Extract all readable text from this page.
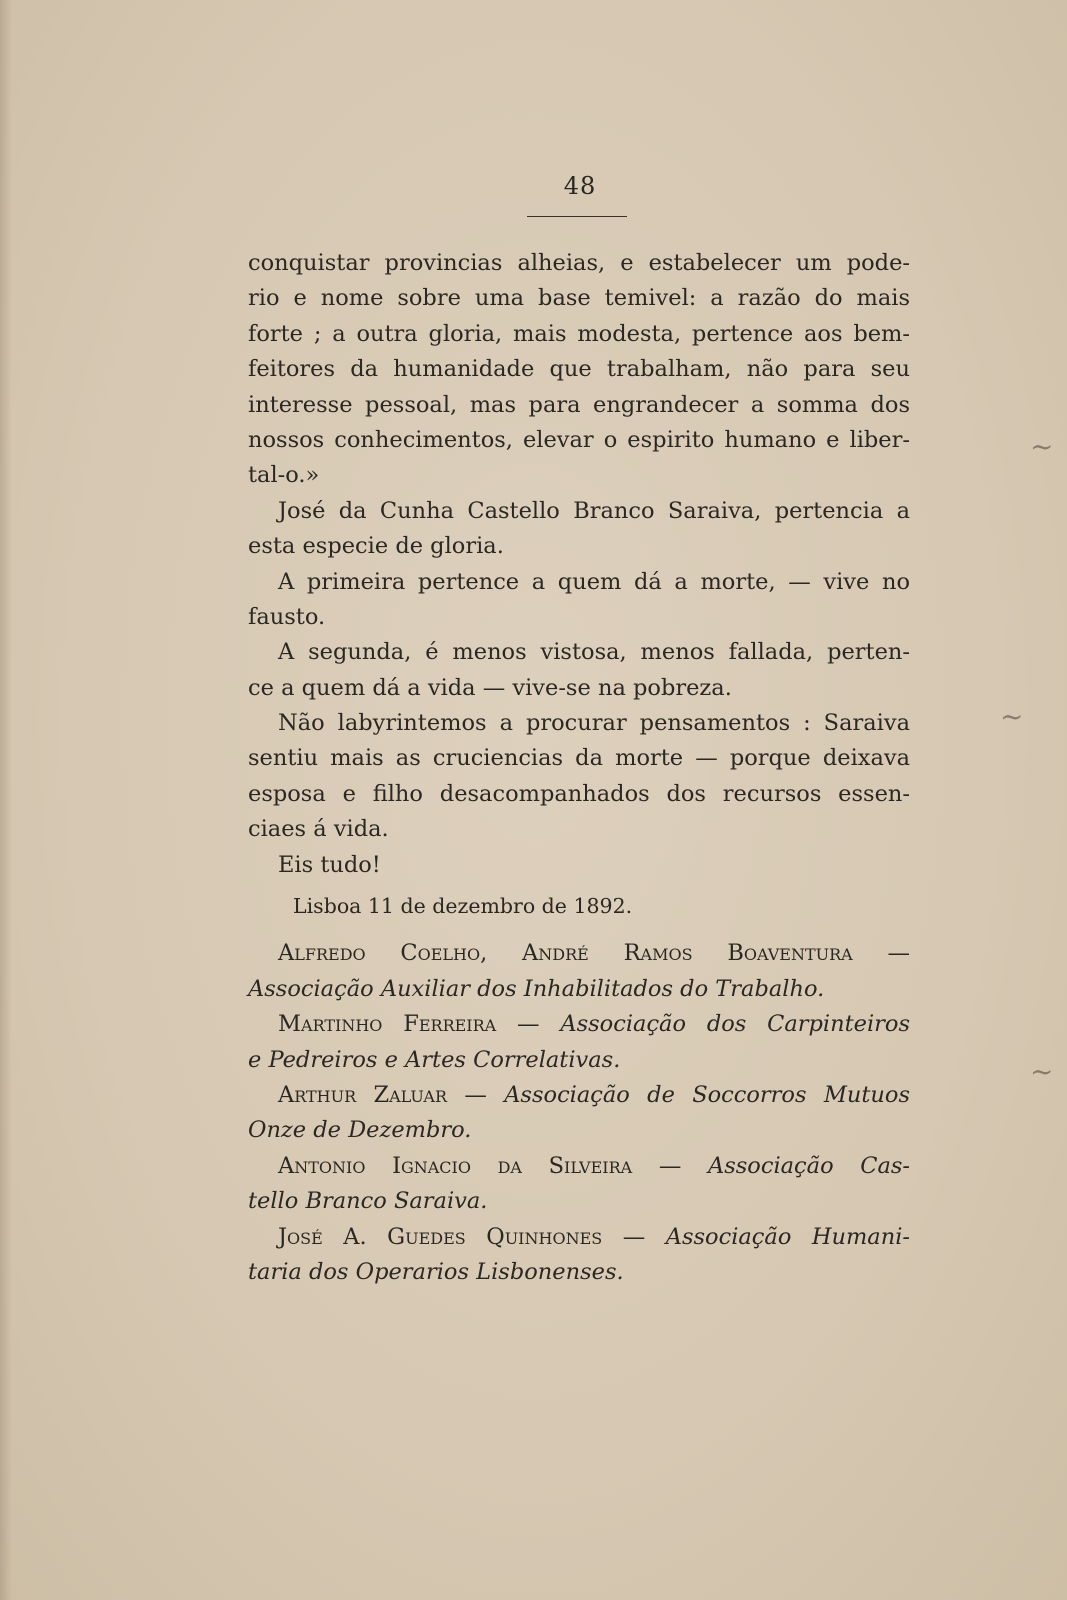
48
conquistar provincias alheias, e estabelecer um pode-
rio e nome sobre uma base temivel: a razão do mais
forte ; a outra gloria, mais modesta, pertence aos bem-
feitores da humanidade que trabalham, não para seu
interesse pessoal, mas para engrandecer a somma dos
nossos conhecimentos, elevar o espirito humano e liber-
tal-o.»
José da Cunha Castello Branco Saraiva, pertencia a
esta especie de gloria.
A primeira pertence a quem dá a morte, — vive no
fausto.
A segunda, é menos vistosa, menos fallada, perten-
ce a quem dá a vida — vive-se na pobreza.
Não labyrintemos a procurar pensamentos : Saraiva
sentiu mais as cruciencias da morte — porque deixava
esposa e filho desacompanhados dos recursos essen-
ciaes á vida.
Eis tudo!
Lisboa 11 de dezembro de 1892.
Alfredo Coelho, André Ramos Boaventura —
Associação Auxiliar dos Inhabilitados do Trabalho.
Martinho Ferreira — Associação dos Carpinteiros
e Pedreiros e Artes Correlativas.
Arthur Zaluar — Associação de Soccorros Mutuos
Onze de Dezembro.
Antonio Ignacio da Silveira — Associação Cas-
tello Branco Saraiva.
José A. Guedes Quinhones — Associação Humani-
taria dos Operarios Lisbonenses.
~
~
~
